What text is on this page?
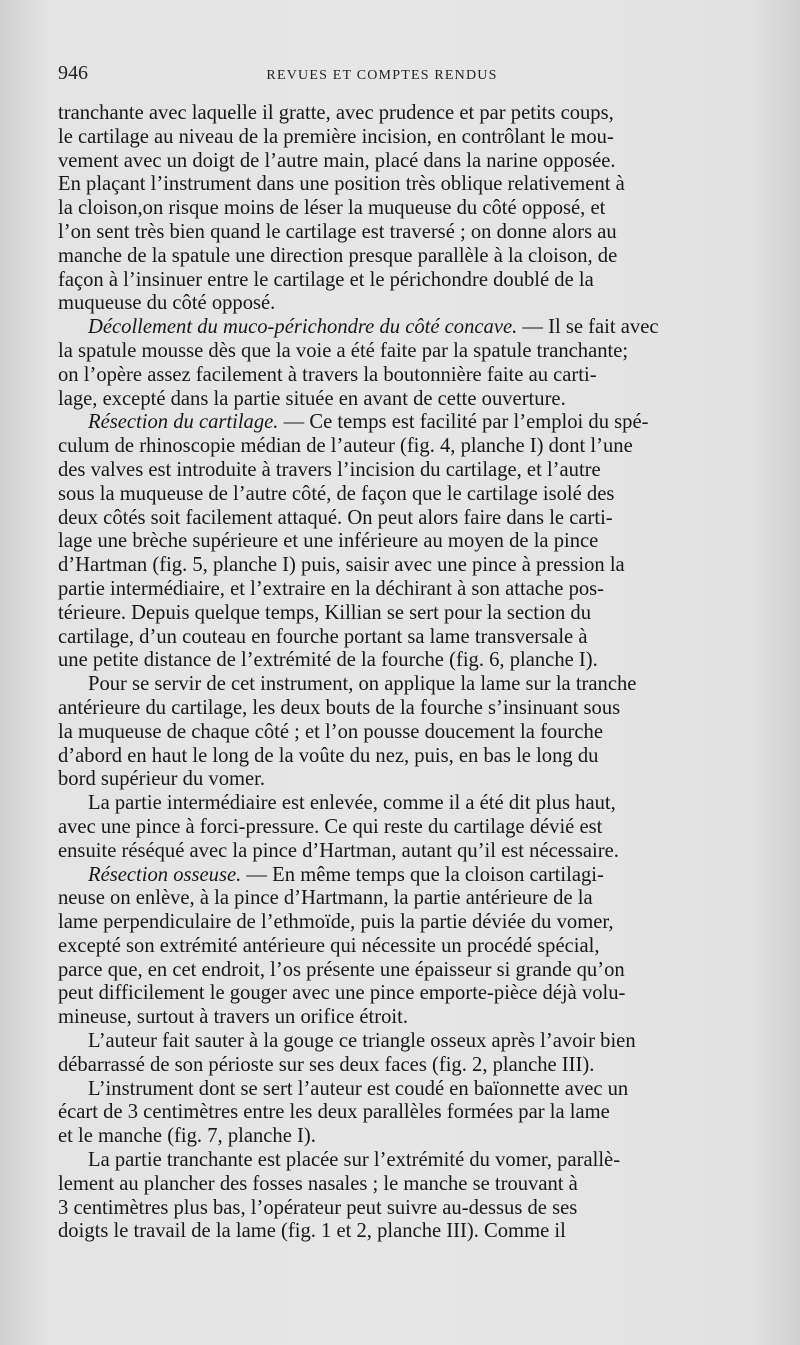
946	REVUES ET COMPTES RENDUS
tranchante avec laquelle il gratte, avec prudence et par petits coups,
le cartilage au niveau de la première incision, en contrôlant le mou-
vement avec un doigt de l’autre main, placé dans la narine opposée.
En plaçant l’instrument dans une position très oblique relativement à
la cloison,on risque moins de léser la muqueuse du côté opposé, et
l’on sent très bien quand le cartilage est traversé ; on donne alors au
manche de la spatule une direction presque parallèle à la cloison, de
façon à l’insinuer entre le cartilage et le périchondre doublé de la
muqueuse du côté opposé.
Décollement du muco-périchondre du côté concave. — Il se fait avec
la spatule mousse dès que la voie a été faite par la spatule tranchante;
on l’opère assez facilement à travers la boutonnière faite au carti-
lage, excepté dans la partie située en avant de cette ouverture.
Résection du cartilage. — Ce temps est facilité par l’emploi du spé-
culum de rhinoscopie médian de l’auteur (fig. 4, planche I) dont l’une
des valves est introduite à travers l’incision du cartilage, et l’autre
sous la muqueuse de l’autre côté, de façon que le cartilage isolé des
deux côtés soit facilement attaqué. On peut alors faire dans le carti-
lage une brèche supérieure et une inférieure au moyen de la pince
d’Hartman (fig. 5, planche I) puis, saisir avec une pince à pression la
partie intermédiaire, et l’extraire en la déchirant à son attache pos-
térieure. Depuis quelque temps, Killian se sert pour la section du
cartilage, d’un couteau en fourche portant sa lame transversale à
une petite distance de l’extrémité de la fourche (fig. 6, planche I).
Pour se servir de cet instrument, on applique la lame sur la tranche
antérieure du cartilage, les deux bouts de la fourche s’insinuant sous
la muqueuse de chaque côté ; et l’on pousse doucement la fourche
d’abord en haut le long de la voûte du nez, puis, en bas le long du
bord supérieur du vomer.
La partie intermédiaire est enlevée, comme il a été dit plus haut,
avec une pince à forci-pressure. Ce qui reste du cartilage dévié est
ensuite réséqué avec la pince d’Hartman, autant qu’il est nécessaire.
Résection osseuse. — En même temps que la cloison cartilagi-
neuse on enlève, à la pince d’Hartmann, la partie antérieure de la
lame perpendiculaire de l’ethmoïde, puis la partie déviée du vomer,
excepté son extrémité antérieure qui nécessite un procédé spécial,
parce que, en cet endroit, l’os présente une épaisseur si grande qu’on
peut difficilement le gouger avec une pince emporte-pièce déjà volu-
mineuse, surtout à travers un orifice étroit.
L’auteur fait sauter à la gouge ce triangle osseux après l’avoir bien
débarrassé de son périoste sur ses deux faces (fig. 2, planche III).
L’instrument dont se sert l’auteur est coudé en baïonnette avec un
écart de 3 centimètres entre les deux parallèles formées par la lame
et le manche (fig. 7, planche I).
La partie tranchante est placée sur l’extrémité du vomer, parallè-
lement au plancher des fosses nasales ; le manche se trouvant à
3 centimètres plus bas, l’opérateur peut suivre au-dessus de ses
doigts le travail de la lame (fig. 1 et 2, planche III). Comme il
